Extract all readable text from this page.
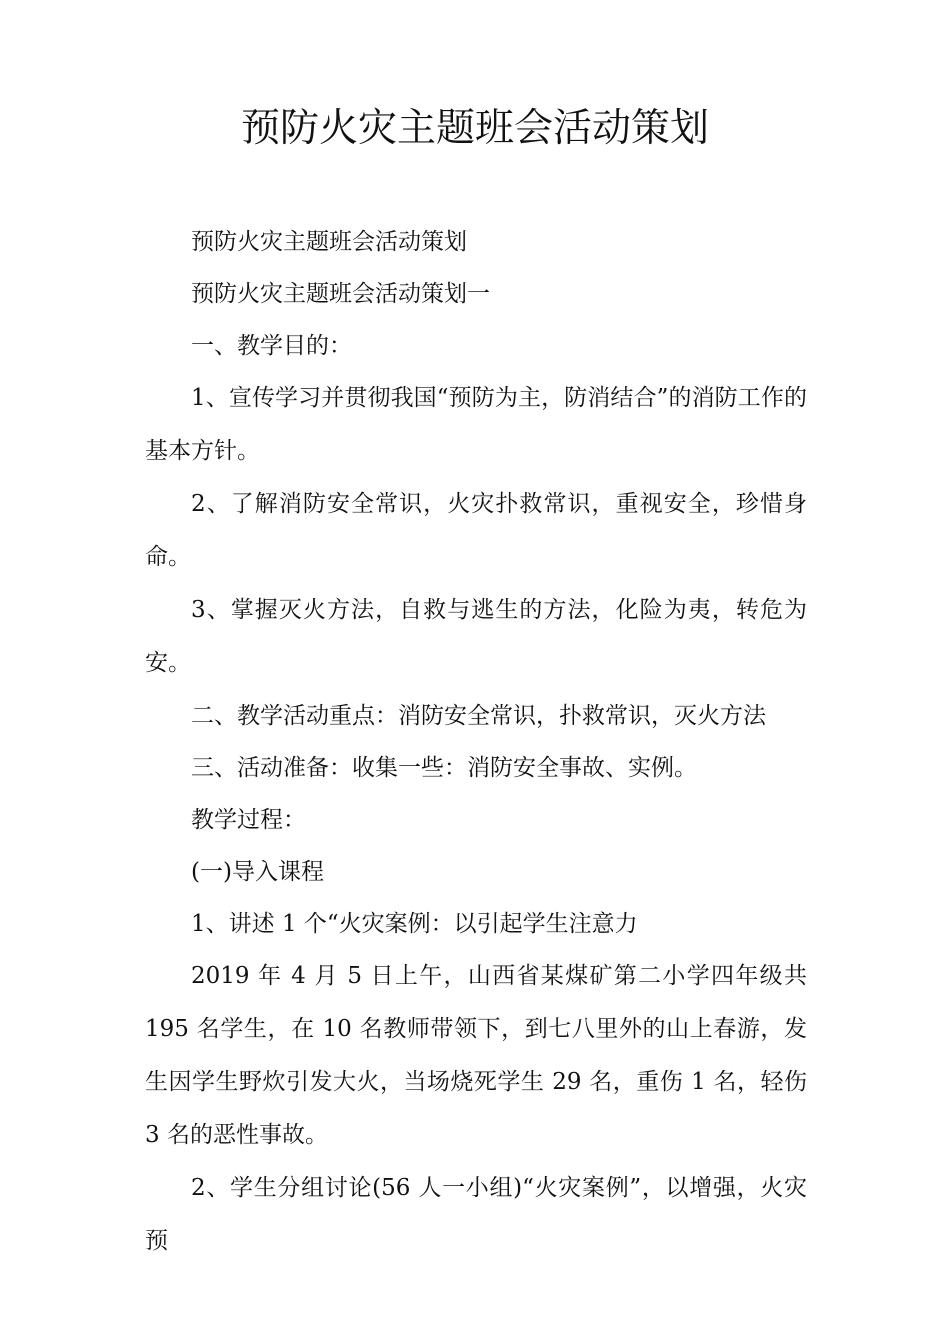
预防火灾主题班会活动策划

预防火灾主题班会活动策划

预防火灾主题班会活动策划一

一、教学目的：

1、宣传学习并贯彻我国“预防为主，防消结合”的消防工作的基本方针。

2、了解消防安全常识，火灾扑救常识，重视安全，珍惜身命。

3、掌握灭火方法，自救与逃生的方法，化险为夷，转危为安。

二、教学活动重点：消防安全常识，扑救常识，灭火方法

三、活动准备：收集一些：消防安全事故、实例。

教学过程：

(一)导入课程

1、讲述 1 个“火灾案例：以引起学生注意力

2019 年 4 月 5 日上午，山西省某煤矿第二小学四年级共 195 名学生，在 10 名教师带领下，到七八里外的山上春游，发生因学生野炊引发大火，当场烧死学生 29 名，重伤 1 名，轻伤 3 名的恶性事故。

2、学生分组讨论(56 人一小组)“火灾案例”，以增强，火灾预
